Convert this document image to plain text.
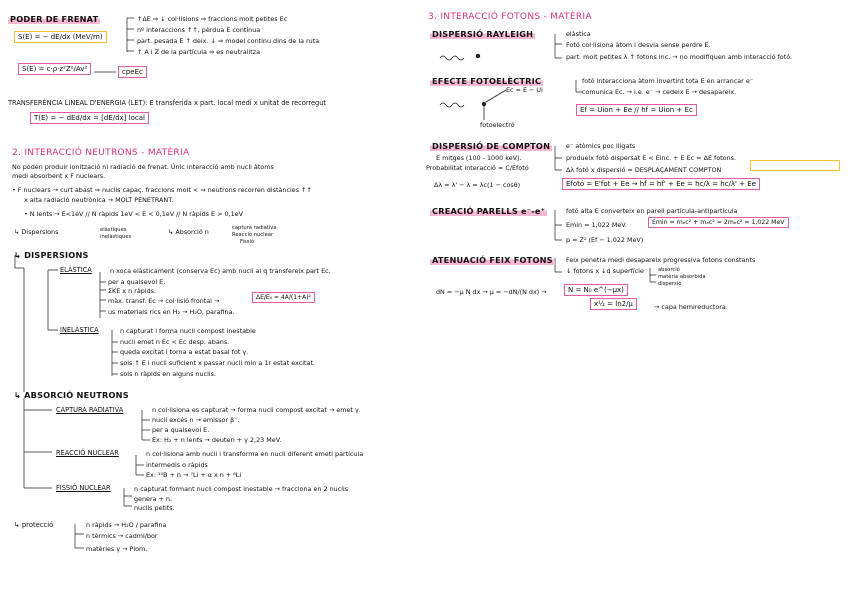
PODER DE FRENAT	↑ΔE ⇒ ↓ col·lisions ⇒ fraccions molt petites Ec
nº interaccions ↑↑, pèrdua E contínua
part. pesada E ↑ deix. ↓ ⇒ model continu dins de la ruta
↑ A i Z de la partícula ⇒ es neutralitza
S(E) = − dE/dx (MeV/m)
S(E) = c·ρ·z²Z²/Av²	cpeEc
TRANSFERÈNCIA LINEAL D'ENERGIA (LET): E transferida x part. local medi x unitat de recorregut
T(E) = − dEd/dx = [dE/dx] local
2. INTERACCIÓ NEUTRONS - MATÈRIA
No poden produir ionització ni radiació de frenat. Únic interacció amb nucli àtoms
medi absorbent x F nuclears.
• F nuclears → curt abast ⇒ nuclis capaç. fraccions molt < ⇒ neutrons recorren distàncies ↑↑
x alta radiació neutrònica → MOLT PENETRANT.
• N lents → E<1eV // N ràpids 1eV < E < 0,1eV // N ràpids E > 0,1eV
↳ Dispersions	elàstiques
inelàstiques
↳ Absorció n	captura radiativa
Reacció nuclear
Fissió
↳ DISPERSIONS
ELÀSTICA	n xoca elàsticament (conserva Ec) amb nucli al q transfereix part Ec.
per a qualsevol E.
ΣKE x n ràpids.
màx. transf. Ec → col·lisió frontal →
us materials rics en H₂ → H₂O, parafina.
ΔE/E₀ = 4A/(1+A)²
INELÀSTICA	n capturat i forma nucli compost inestable
nucli emet n Ec < Ec desp. abans.
queda excitat i torna a estat basal fot γ.
sols ↑ E i nucli suficient x passar nucli min a 1r estat excitat.
sols n ràpids en alguns nuclis.
↳ ABSORCIÓ NEUTRONS
CAPTURA RADIATIVA	n col·lisiona es capturat → forma nucli compost excitat → emet γ.
nucli excés n → emissor β⁻.
per a qualsevol E.
Ex: H₂ + n lents → deuteri + γ 2,23 MeV.
REACCIÓ NUCLEAR	n col·lisiona amb nucli i transforma en nucli diferent emeti partícula
intermedis o ràpids
Ex: ¹⁰B + n → ⁷Li + α x n + ⁶Li
FISSIÓ NUCLEAR	n capturat formant nucli compost inestable → fracciona en 2 nuclis
genera + n.
nuclis petits.
↳ protecció	n ràpids → H₂O / parafina
n tèrmics → cadmi/bor
matèries γ → Plom.
3. INTERACCIÓ FOTONS - MATÈRIA
DISPERSIÓ RAYLEIGH	elàstica
Fotó col·lisiona àtom i desvia sense perdre E.
part. molt petites λ ↑ fotons inc. → no modifiquen amb interacció fotó.
EFECTE FOTOELÈCTRIC
Ec = E − Ui
fotoelectró
fotó interacciona àtom invertint tota E en arrancar e⁻
comunica Ec. → i.e. e⁻ → cedeix E → desapareix.
Ef = Uion + Ee // hf = Uion + Ec
DISPERSIÓ DE COMPTON	e⁻ atòmics poc lligats
produeix fotó dispersat E < Einc. + E Ec = ΔE fotons.
Δλ fotó x dispersió = DESPLAÇAMENT COMPTON
E mitges (100 - 1000 keV).
Probabilitat interacció = C/Efotó
Δλ = λ' − λ = λc(1 − cosθ)	Efotó = E'fot + Ee → hf = hf' + Ee = hc/λ = hc/λ' + Ee
CREACIÓ PARELLS e⁻-e⁺	fotó alta E converteix en parell partícula-antipartícula
Emin = 1,022 MeV.	Emin = mₑc² + mₑc² = 2mₑc² = 1,022 MeV
p = Z² (Ef − 1,022 MeV)
ATENUACIÓ FEIX FOTONS	Feix penetra medi desapareix progressiva fotons constants
↓ fotons x ↓d superfície	absorció
matèria absorbida
dispersió
dN = −μ N dx → μ = −dN/(N dx) →	N = N₀ e^(−μx)
x½ = ln2/μ	→ capa hemireductora.
